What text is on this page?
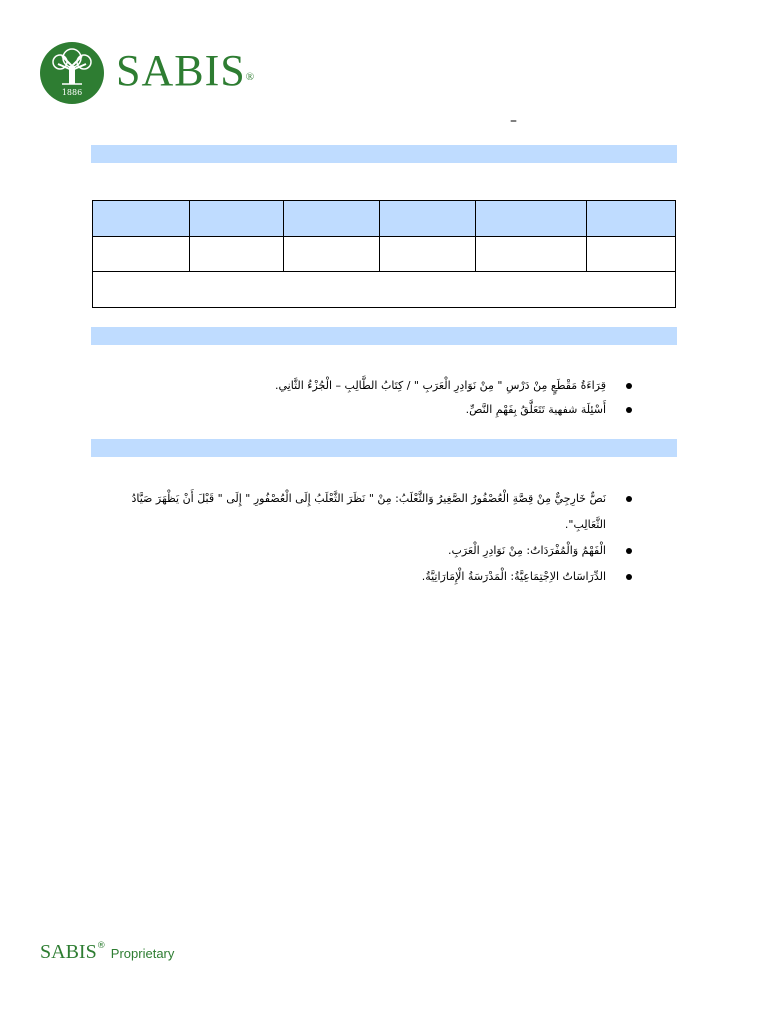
1886 SABIS®
–

قِرَاءَةُ مَقْطَعٍ مِنْ دَرْسِ " مِنْ نَوَادِرِ الْعَرَبِ " / كِتَابُ الطَّالِبِ – الْجُزْءُ الثَّانِي.
أَسْئِلَة شفهية تَتَعَلَّقُ بِفَهْمِ النَّصِّ.
نَصٌّ خَارِجِيٌّ مِنْ قِصَّةِ الْعُصْفُورُ الصَّغِيرُ وَالثَّعْلَبُ: مِنْ " نَظَرَ الثَّعْلَبُ إِلَى الْعُصْفُورِ " إِلَى " قَبْلَ أَنْ يَظْهَرَ صَيَّادُ الثَّعَالِبِ".
الْفَهْمُ وَالْمُفْرَدَاتُ: مِنْ نَوَادِرِ الْعَرَبِ.
الدِّرَاسَاتُ الاِجْتِمَاعِيَّةُ: الْمَدْرَسَةُ الْإِمَارَاتِيَّةُ.
SABIS® Proprietary
